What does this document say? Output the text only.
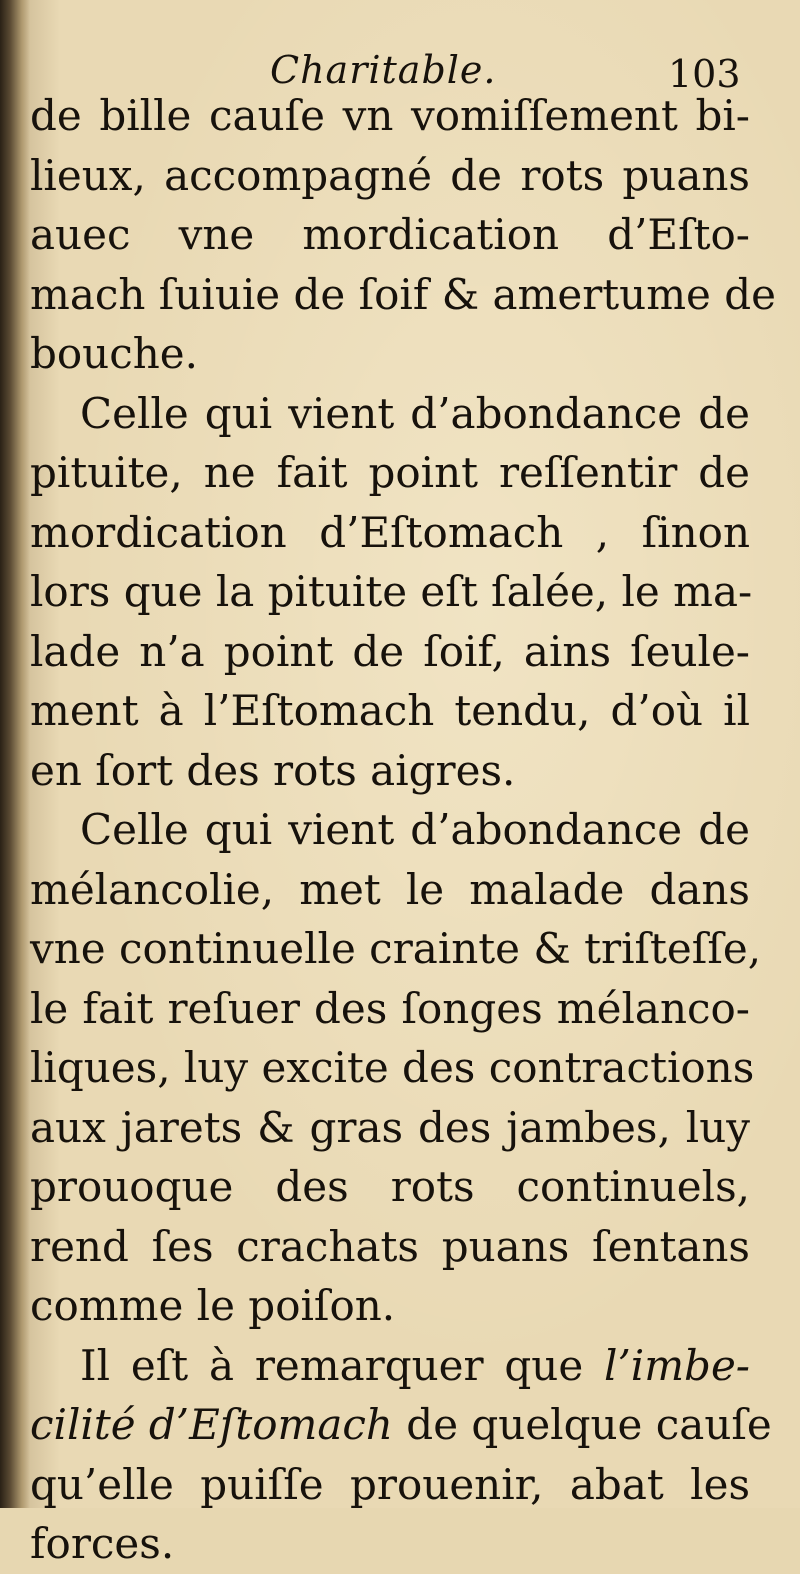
Charitable.	103
de bille cauſe vn vomiſſement bi-
lieux, accompagné de rots puans
auec vne mordication d’Eſto-
mach ſuiuie de ſoif & amertume de
bouche.
Celle qui vient d’abondance de
pituite, ne fait point reſſentir de
mordication d’Eſtomach , ſinon
lors que la pituite eſt ſalée, le ma-
lade n’a point de ſoif, ains ſeule-
ment à l’Eſtomach tendu, d’où il
en ſort des rots aigres.
Celle qui vient d’abondance de
mélancolie, met le malade dans
vne continuelle crainte & triſteſſe,
le fait reſuer des ſonges mélanco-
liques, luy excite des contractions
aux jarets & gras des jambes, luy
prouoque des rots continuels,
rend ſes crachats puans ſentans
comme le poiſon.
Il eſt à remarquer que l’imbe-
cilité d’Eſtomach de quelque cauſe
qu’elle puiſſe prouenir, abat les
forces.
